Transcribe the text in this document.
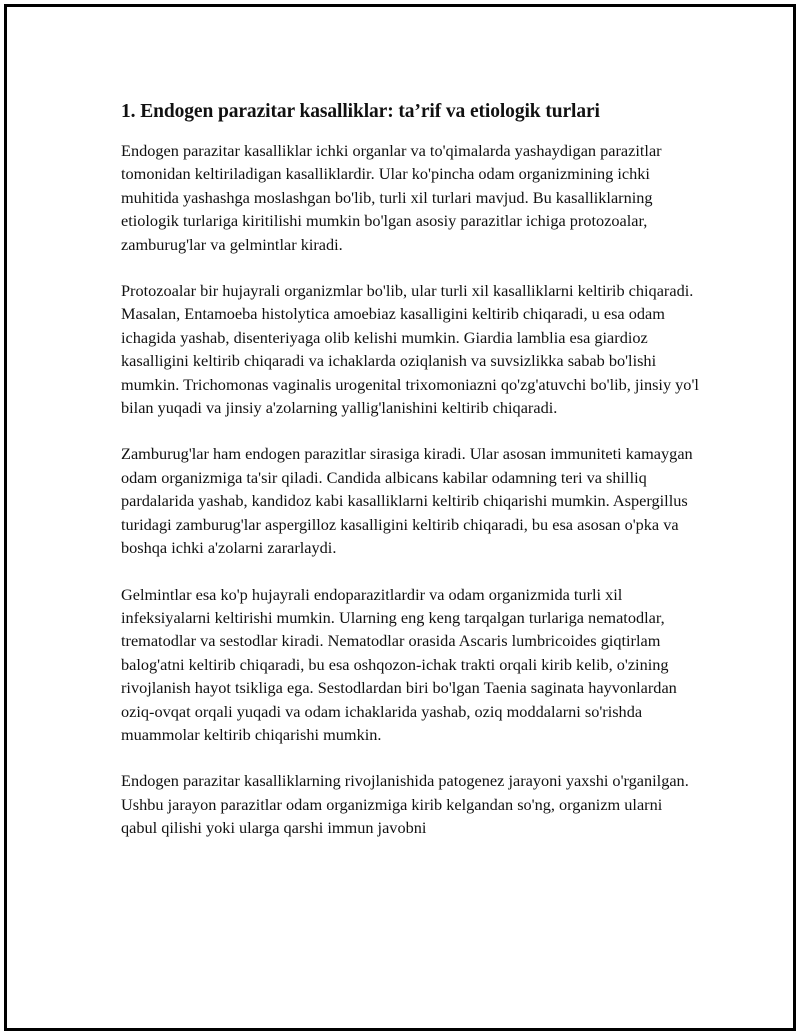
1. Endogen parazitar kasalliklar: ta’rif va etiologik turlari

Endogen parazitar kasalliklar ichki organlar va to'qimalarda yashaydigan parazitlar tomonidan keltiriladigan kasalliklardir. Ular ko'pincha odam organizmining ichki muhitida yashashga moslashgan bo'lib, turli xil turlari mavjud. Bu kasalliklarning etiologik turlariga kiritilishi mumkin bo'lgan asosiy parazitlar ichiga protozoalar, zamburug'lar va gelmintlar kiradi.

Protozoalar bir hujayrali organizmlar bo'lib, ular turli xil kasalliklarni keltirib chiqaradi. Masalan, Entamoeba histolytica amoebiaz kasalligini keltirib chiqaradi, u esa odam ichagida yashab, disenteriyaga olib kelishi mumkin. Giardia lamblia esa giardioz kasalligini keltirib chiqaradi va ichaklarda oziqlanish va suvsizlikka sabab bo'lishi mumkin. Trichomonas vaginalis urogenital trixomoniazni qo'zg'atuvchi bo'lib, jinsiy yo'l bilan yuqadi va jinsiy a'zolarning yallig'lanishini keltirib chiqaradi.

Zamburug'lar ham endogen parazitlar sirasiga kiradi. Ular asosan immuniteti kamaygan odam organizmiga ta'sir qiladi. Candida albicans kabilar odamning teri va shilliq pardalarida yashab, kandidoz kabi kasalliklarni keltirib chiqarishi mumkin. Aspergillus turidagi zamburug'lar aspergilloz kasalligini keltirib chiqaradi, bu esa asosan o'pka va boshqa ichki a'zolarni zararlaydi.

Gelmintlar esa ko'p hujayrali endoparazitlardir va odam organizmida turli xil infeksiyalarni keltirishi mumkin. Ularning eng keng tarqalgan turlariga nematodlar, trematodlar va sestodlar kiradi. Nematodlar orasida Ascaris lumbricoides giqtirlam balog'atni keltirib chiqaradi, bu esa oshqozon-ichak trakti orqali kirib kelib, o'zining rivojlanish hayot tsikliga ega. Sestodlardan biri bo'lgan Taenia saginata hayvonlardan oziq-ovqat orqali yuqadi va odam ichaklarida yashab, oziq moddalarni so'rishda muammolar keltirib chiqarishi mumkin.

Endogen parazitar kasalliklarning rivojlanishida patogenez jarayoni yaxshi o'rganilgan. Ushbu jarayon parazitlar odam organizmiga kirib kelgandan so'ng, organizm ularni qabul qilishi yoki ularga qarshi immun javobni
